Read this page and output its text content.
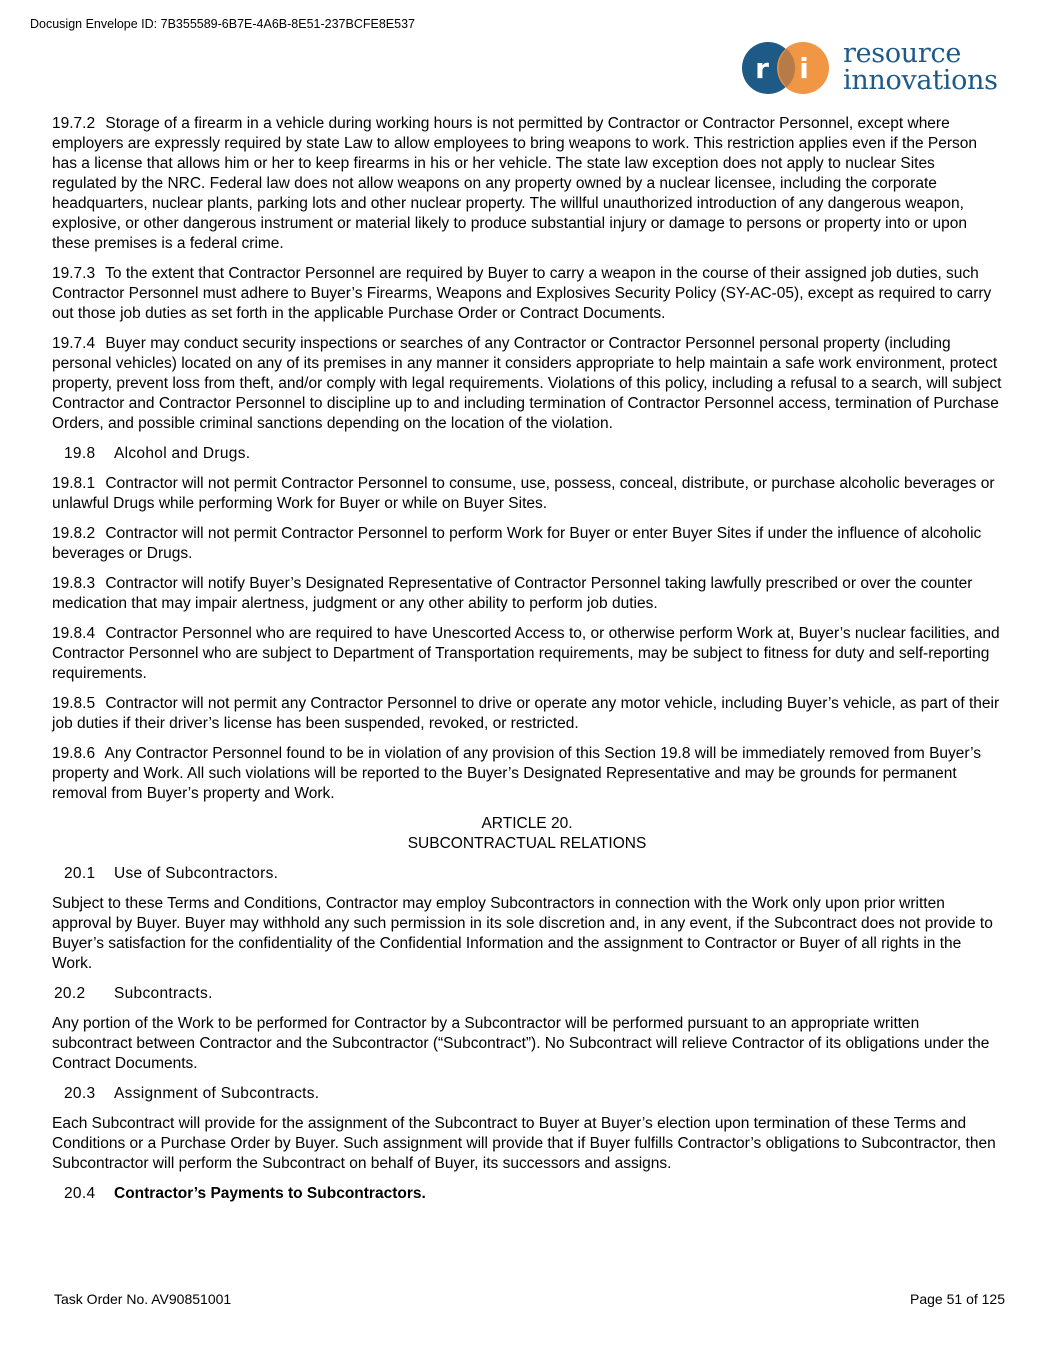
Docusign Envelope ID: 7B355589-6B7E-4A6B-8E51-237BCFE8E537
r i resource
innovations

19.7.2 Storage of a firearm in a vehicle during working hours is not permitted by Contractor or Contractor Personnel, except where employers are expressly required by state Law to allow employees to bring weapons to work. This restriction applies even if the Person has a license that allows him or her to keep firearms in his or her vehicle. The state law exception does not apply to nuclear Sites regulated by the NRC. Federal law does not allow weapons on any property owned by a nuclear licensee, including the corporate headquarters, nuclear plants, parking lots and other nuclear property. The willful unauthorized introduction of any dangerous weapon, explosive, or other dangerous instrument or material likely to produce substantial injury or damage to persons or property into or upon these premises is a federal crime.

19.7.3 To the extent that Contractor Personnel are required by Buyer to carry a weapon in the course of their assigned job duties, such Contractor Personnel must adhere to Buyer’s Firearms, Weapons and Explosives Security Policy (SY-AC-05), except as required to carry out those job duties as set forth in the applicable Purchase Order or Contract Documents.

19.7.4 Buyer may conduct security inspections or searches of any Contractor or Contractor Personnel personal property (including personal vehicles) located on any of its premises in any manner it considers appropriate to help maintain a safe work environment, protect property, prevent loss from theft, and/or comply with legal requirements. Violations of this policy, including a refusal to a search, will subject Contractor and Contractor Personnel to discipline up to and including termination of Contractor Personnel access, termination of Purchase Orders, and possible criminal sanctions depending on the location of the violation.

19.8 Alcohol and Drugs.

19.8.1 Contractor will not permit Contractor Personnel to consume, use, possess, conceal, distribute, or purchase alcoholic beverages or unlawful Drugs while performing Work for Buyer or while on Buyer Sites.

19.8.2 Contractor will not permit Contractor Personnel to perform Work for Buyer or enter Buyer Sites if under the influence of alcoholic beverages or Drugs.

19.8.3 Contractor will notify Buyer’s Designated Representative of Contractor Personnel taking lawfully prescribed or over the counter medication that may impair alertness, judgment or any other ability to perform job duties.

19.8.4 Contractor Personnel who are required to have Unescorted Access to, or otherwise perform Work at, Buyer’s nuclear facilities, and Contractor Personnel who are subject to Department of Transportation requirements, may be subject to fitness for duty and self-reporting requirements.

19.8.5 Contractor will not permit any Contractor Personnel to drive or operate any motor vehicle, including Buyer’s vehicle, as part of their job duties if their driver’s license has been suspended, revoked, or restricted.

19.8.6 Any Contractor Personnel found to be in violation of any provision of this Section 19.8 will be immediately removed from Buyer’s property and Work. All such violations will be reported to the Buyer’s Designated Representative and may be grounds for permanent removal from Buyer’s property and Work.

ARTICLE 20.
SUBCONTRACTUAL RELATIONS

20.1 Use of Subcontractors.

Subject to these Terms and Conditions, Contractor may employ Subcontractors in connection with the Work only upon prior written approval by Buyer. Buyer may withhold any such permission in its sole discretion and, in any event, if the Subcontract does not provide to Buyer’s satisfaction for the confidentiality of the Confidential Information and the assignment to Contractor or Buyer of all rights in the Work.

20.2 Subcontracts.

Any portion of the Work to be performed for Contractor by a Subcontractor will be performed pursuant to an appropriate written subcontract between Contractor and the Subcontractor (“Subcontract”). No Subcontract will relieve Contractor of its obligations under the Contract Documents.

20.3 Assignment of Subcontracts.

Each Subcontract will provide for the assignment of the Subcontract to Buyer at Buyer’s election upon termination of these Terms and Conditions or a Purchase Order by Buyer. Such assignment will provide that if Buyer fulfills Contractor’s obligations to Subcontractor, then Subcontractor will perform the Subcontract on behalf of Buyer, its successors and assigns.

20.4 Contractor’s Payments to Subcontractors.

Task Order No. AV90851001	Page 51 of 125
